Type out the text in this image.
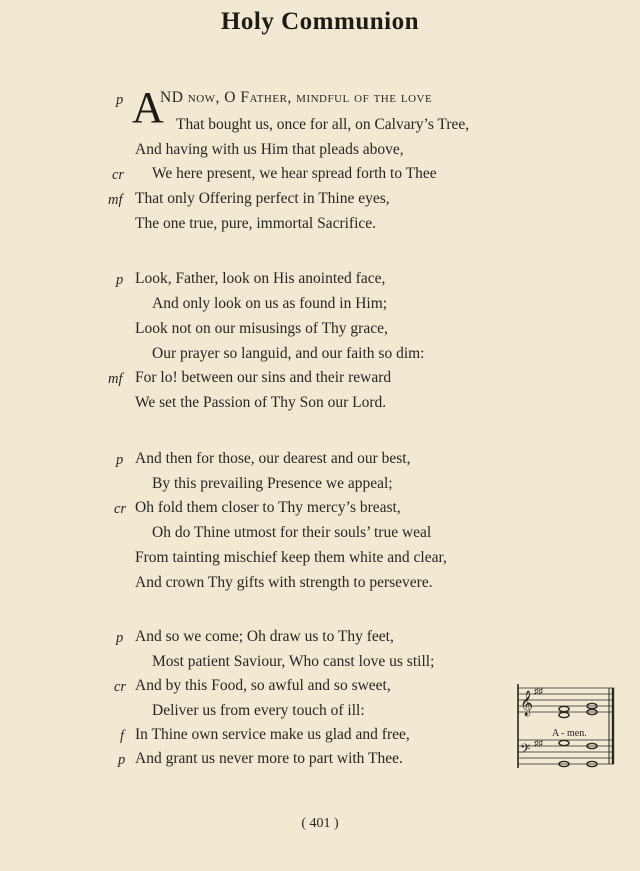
Holy Communion
A
p ND now, O Father, mindful of the love
That bought us, once for all, on Calvary’s Tree,
And having with us Him that pleads above,
cr We here present, we hear spread forth to Thee
mf That only Offering perfect in Thine eyes,
The one true, pure, immortal Sacrifice.
p Look, Father, look on His anointed face,
And only look on us as found in Him;
Look not on our misusings of Thy grace,
Our prayer so languid, and our faith so dim:
mf For lo! between our sins and their reward
We set the Passion of Thy Son our Lord.
p And then for those, our dearest and our best,
By this prevailing Presence we appeal;
cr Oh fold them closer to Thy mercy’s breast,
Oh do Thine utmost for their souls’ true weal
From tainting mischief keep them white and clear,
And crown Thy gifts with strength to persevere.
p And so we come; Oh draw us to Thy feet,
Most patient Saviour, Who canst love us still;
cr And by this Food, so awful and so sweet,
Deliver us from every touch of ill:
f In Thine own service make us glad and free,
p And grant us never more to part with Thee.
𝄞
𝄢
♯♯
♯♯
A - men.
( 401 )
